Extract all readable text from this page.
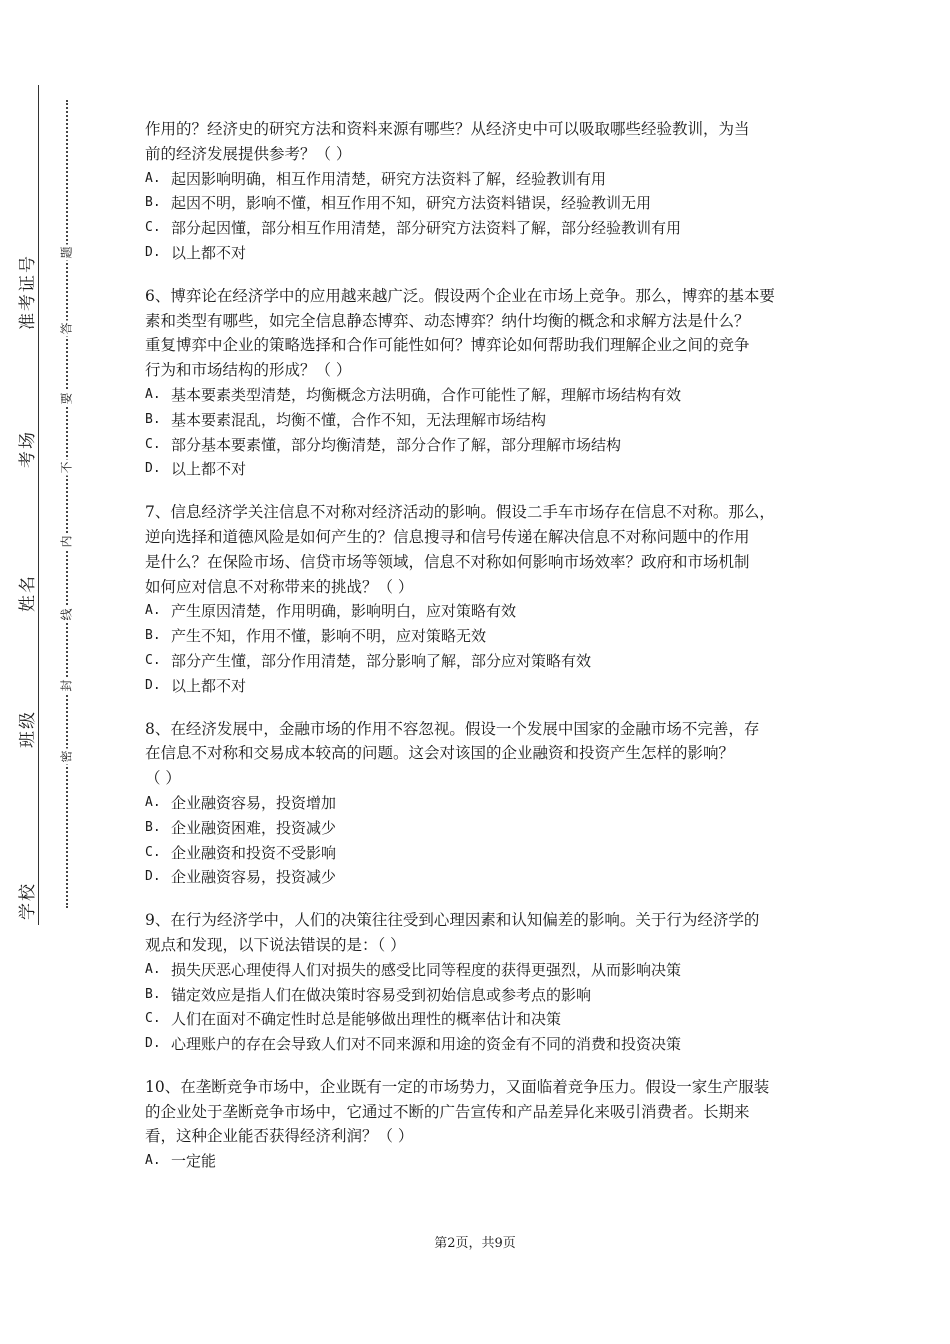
学校
班级
姓名
考场
准考证号
题
答
要
不
内
线
封
密
作用的？经济史的研究方法和资料来源有哪些？从经济史中可以吸取哪些经验教训，为当
前的经济发展提供参考？（ ）
A. 起因影响明确，相互作用清楚，研究方法资料了解，经验教训有用
B. 起因不明，影响不懂，相互作用不知，研究方法资料错误，经验教训无用
C. 部分起因懂，部分相互作用清楚，部分研究方法资料了解，部分经验教训有用
D. 以上都不对
6、博弈论在经济学中的应用越来越广泛。假设两个企业在市场上竞争。那么，博弈的基本要
素和类型有哪些，如完全信息静态博弈、动态博弈？纳什均衡的概念和求解方法是什么？
重复博弈中企业的策略选择和合作可能性如何？博弈论如何帮助我们理解企业之间的竞争
行为和市场结构的形成？（ ）
A. 基本要素类型清楚，均衡概念方法明确，合作可能性了解，理解市场结构有效
B. 基本要素混乱，均衡不懂，合作不知，无法理解市场结构
C. 部分基本要素懂，部分均衡清楚，部分合作了解，部分理解市场结构
D. 以上都不对
7、信息经济学关注信息不对称对经济活动的影响。假设二手车市场存在信息不对称。那么，
逆向选择和道德风险是如何产生的？信息搜寻和信号传递在解决信息不对称问题中的作用
是什么？在保险市场、信贷市场等领域，信息不对称如何影响市场效率？政府和市场机制
如何应对信息不对称带来的挑战？（ ）
A. 产生原因清楚，作用明确，影响明白，应对策略有效
B. 产生不知，作用不懂，影响不明，应对策略无效
C. 部分产生懂，部分作用清楚，部分影响了解，部分应对策略有效
D. 以上都不对
8、在经济发展中，金融市场的作用不容忽视。假设一个发展中国家的金融市场不完善，存
在信息不对称和交易成本较高的问题。这会对该国的企业融资和投资产生怎样的影响？
（ ）
A. 企业融资容易，投资增加
B. 企业融资困难，投资减少
C. 企业融资和投资不受影响
D. 企业融资容易，投资减少
9、在行为经济学中，人们的决策往往受到心理因素和认知偏差的影响。关于行为经济学的
观点和发现，以下说法错误的是：（ ）
A. 损失厌恶心理使得人们对损失的感受比同等程度的获得更强烈，从而影响决策
B. 锚定效应是指人们在做决策时容易受到初始信息或参考点的影响
C. 人们在面对不确定性时总是能够做出理性的概率估计和决策
D. 心理账户的存在会导致人们对不同来源和用途的资金有不同的消费和投资决策
10、在垄断竞争市场中，企业既有一定的市场势力，又面临着竞争压力。假设一家生产服装
的企业处于垄断竞争市场中，它通过不断的广告宣传和产品差异化来吸引消费者。长期来
看，这种企业能否获得经济利润？（ ）
A. 一定能
第2页，共9页
